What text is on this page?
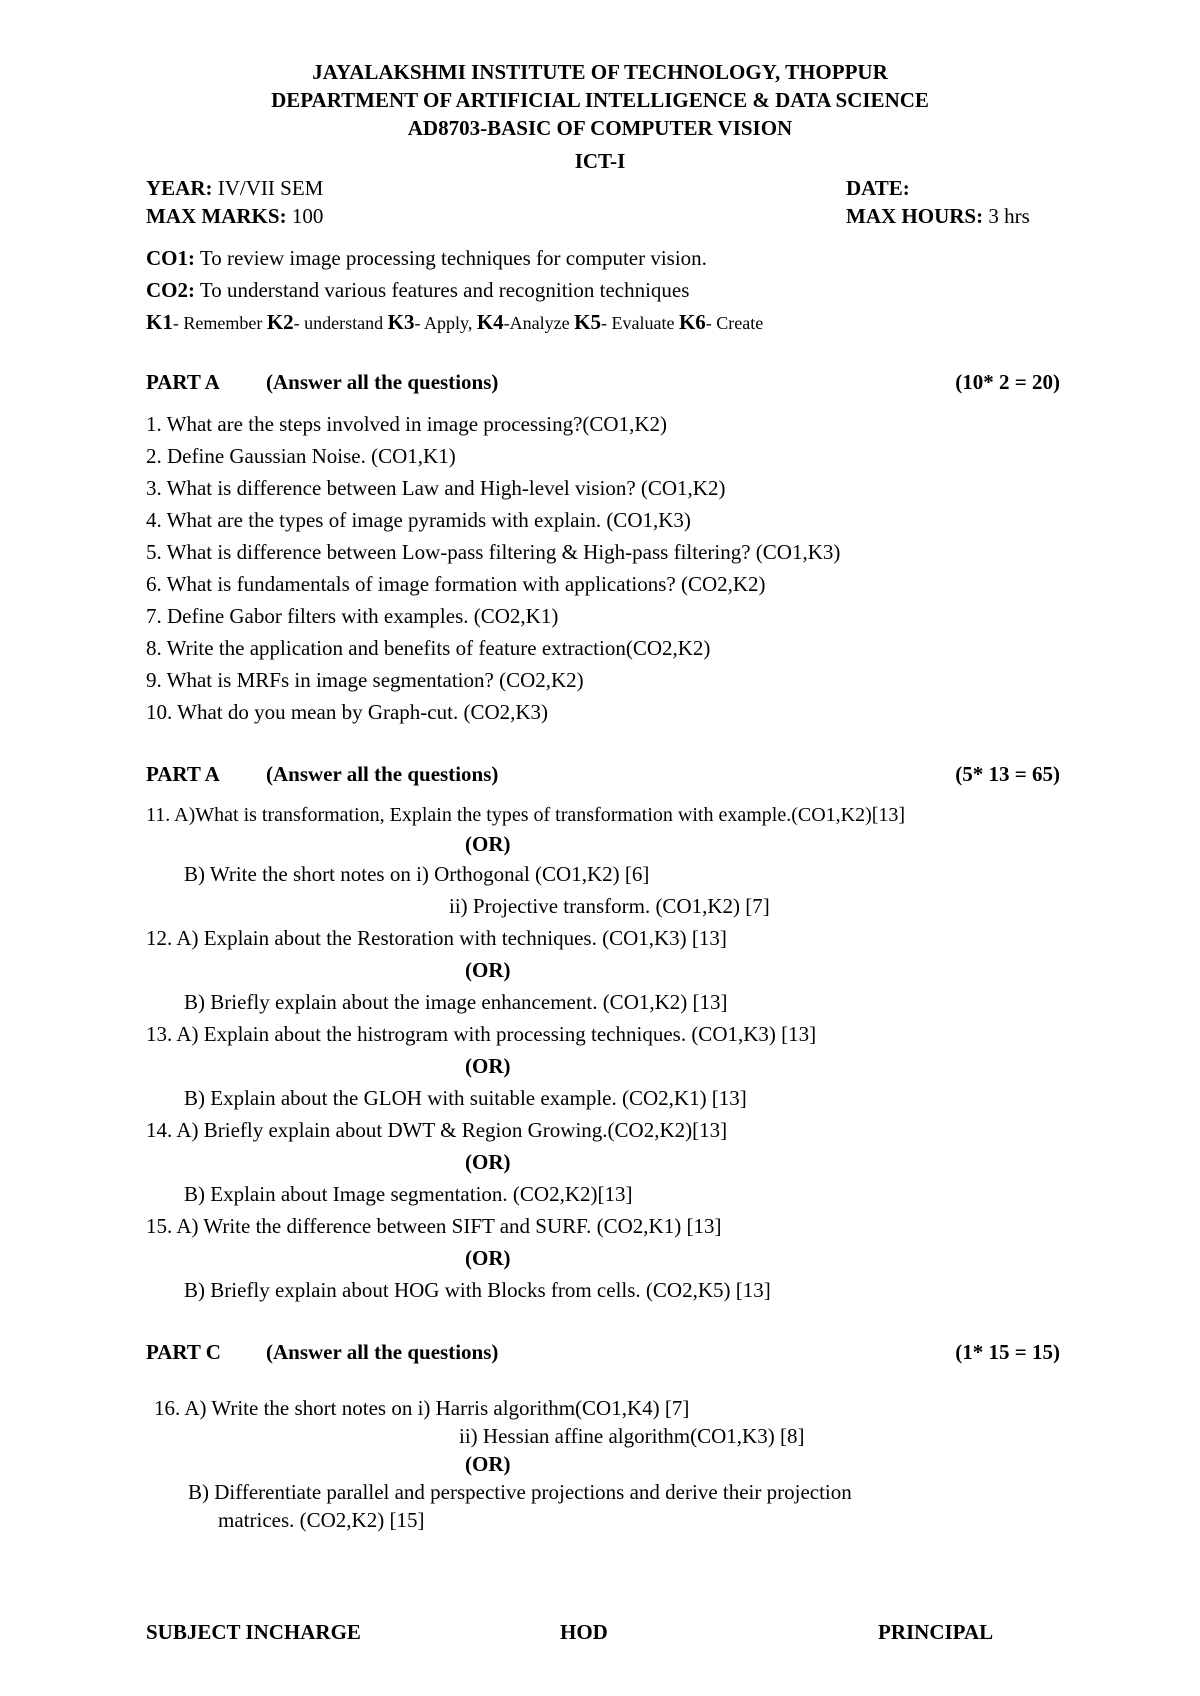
JAYALAKSHMI INSTITUTE OF TECHNOLOGY, THOPPUR
DEPARTMENT OF ARTIFICIAL INTELLIGENCE & DATA SCIENCE
AD8703-BASIC OF COMPUTER VISION
ICT-I
YEAR: IV/VII SEM	DATE:
MAX MARKS: 100	MAX HOURS: 3 hrs
CO1: To review image processing techniques for computer vision.
CO2: To understand various features and recognition techniques
K1- Remember K2- understand K3- Apply, K4-Analyze K5- Evaluate K6- Create
PART A (Answer all the questions)	(10* 2 = 20)
1. What are the steps involved in image processing?(CO1,K2)
2. Define Gaussian Noise. (CO1,K1)
3. What is difference between Law and High-level vision? (CO1,K2)
4. What are the types of image pyramids with explain. (CO1,K3)
5. What is difference between Low-pass filtering & High-pass filtering? (CO1,K3)
6. What is fundamentals of image formation with applications? (CO2,K2)
7. Define Gabor filters with examples. (CO2,K1)
8. Write the application and benefits of feature extraction(CO2,K2)
9. What is MRFs in image segmentation? (CO2,K2)
10. What do you mean by Graph-cut. (CO2,K3)
PART A (Answer all the questions)	(5* 13 = 65)
11. A)What is transformation, Explain the types of transformation with example.(CO1,K2)[13]
(OR)
B) Write the short notes on i) Orthogonal (CO1,K2) [6]
ii) Projective transform. (CO1,K2) [7]
12. A) Explain about the Restoration with techniques. (CO1,K3) [13]
(OR)
B) Briefly explain about the image enhancement. (CO1,K2) [13]
13. A) Explain about the histrogram with processing techniques. (CO1,K3) [13]
(OR)
B) Explain about the GLOH with suitable example. (CO2,K1) [13]
14. A) Briefly explain about DWT & Region Growing.(CO2,K2)[13]
(OR)
B) Explain about Image segmentation. (CO2,K2)[13]
15. A) Write the difference between SIFT and SURF. (CO2,K1) [13]
(OR)
B) Briefly explain about HOG with Blocks from cells. (CO2,K5) [13]
PART C (Answer all the questions)	(1* 15 = 15)
16. A) Write the short notes on i) Harris algorithm(CO1,K4) [7]
ii) Hessian affine algorithm(CO1,K3) [8]
(OR)
B) Differentiate parallel and perspective projections and derive their projection
matrices. (CO2,K2) [15]
SUBJECT INCHARGE	HOD	PRINCIPAL
